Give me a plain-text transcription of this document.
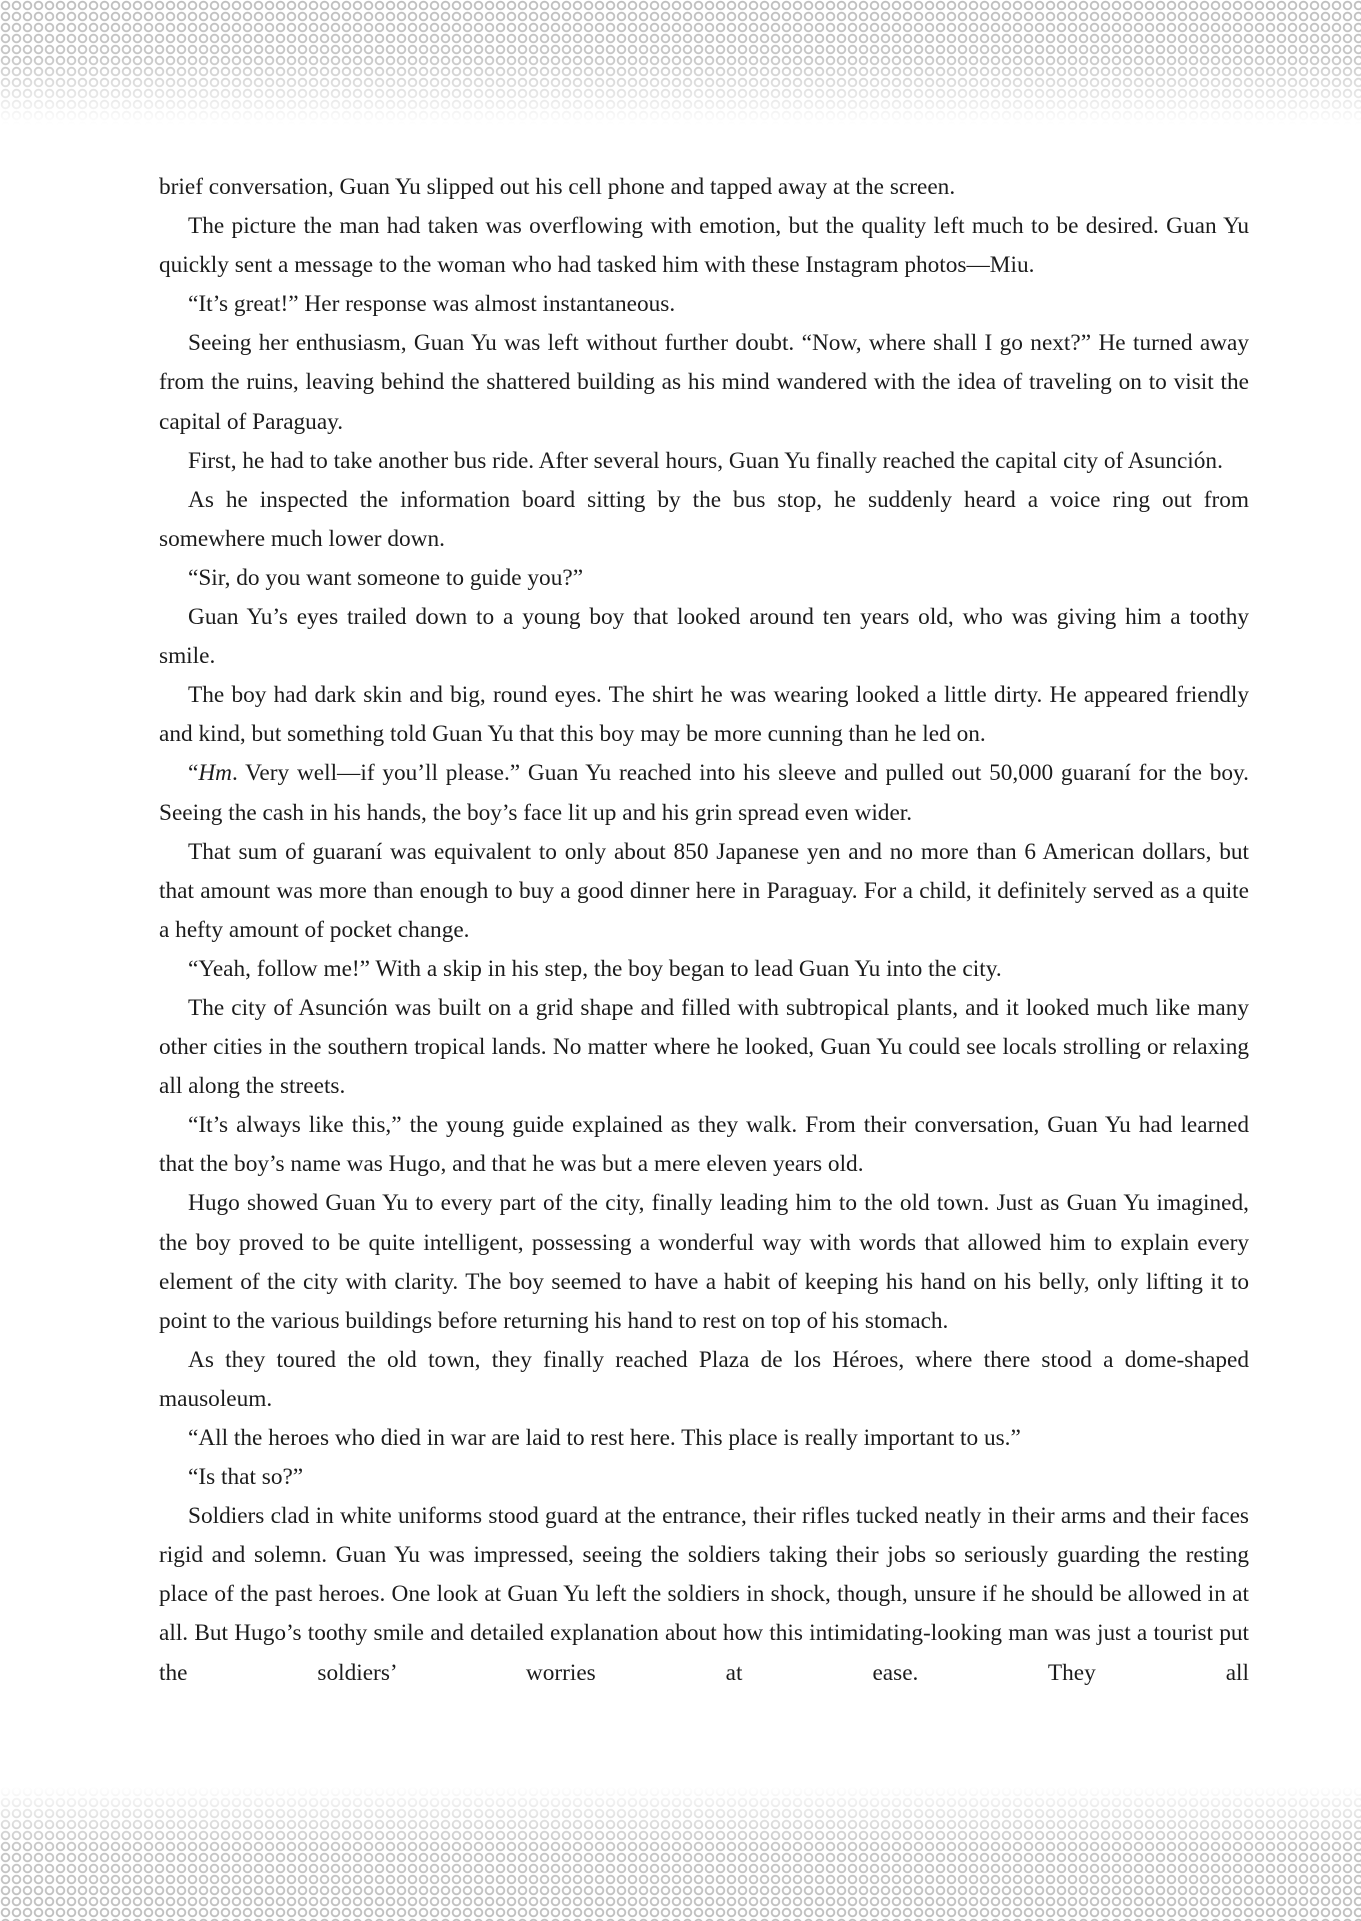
brief conversation, Guan Yu slipped out his cell phone and tapped away at the screen.

The picture the man had taken was overflowing with emotion, but the quality left much to be desired. Guan Yu quickly sent a message to the woman who had tasked him with these Instagram photos—Miu.

“It’s great!” Her response was almost instantaneous.

Seeing her enthusiasm, Guan Yu was left without further doubt. “Now, where shall I go next?” He turned away from the ruins, leaving behind the shattered building as his mind wandered with the idea of traveling on to visit the capital of Paraguay.

First, he had to take another bus ride. After several hours, Guan Yu finally reached the capital city of Asunción.

As he inspected the information board sitting by the bus stop, he suddenly heard a voice ring out from somewhere much lower down.

“Sir, do you want someone to guide you?”

Guan Yu’s eyes trailed down to a young boy that looked around ten years old, who was giving him a toothy smile.

The boy had dark skin and big, round eyes. The shirt he was wearing looked a little dirty. He appeared friendly and kind, but something told Guan Yu that this boy may be more cunning than he led on.

“Hm. Very well—if you’ll please.” Guan Yu reached into his sleeve and pulled out 50,000 guaraní for the boy. Seeing the cash in his hands, the boy’s face lit up and his grin spread even wider.

That sum of guaraní was equivalent to only about 850 Japanese yen and no more than 6 American dollars, but that amount was more than enough to buy a good dinner here in Paraguay. For a child, it definitely served as a quite a hefty amount of pocket change.

“Yeah, follow me!” With a skip in his step, the boy began to lead Guan Yu into the city.

The city of Asunción was built on a grid shape and filled with subtropical plants, and it looked much like many other cities in the southern tropical lands. No matter where he looked, Guan Yu could see locals strolling or relaxing all along the streets.

“It’s always like this,” the young guide explained as they walk. From their conversation, Guan Yu had learned that the boy’s name was Hugo, and that he was but a mere eleven years old.

Hugo showed Guan Yu to every part of the city, finally leading him to the old town. Just as Guan Yu imagined, the boy proved to be quite intelligent, possessing a wonderful way with words that allowed him to explain every element of the city with clarity. The boy seemed to have a habit of keeping his hand on his belly, only lifting it to point to the various buildings before returning his hand to rest on top of his stomach.

As they toured the old town, they finally reached Plaza de los Héroes, where there stood a dome-shaped mausoleum.

“All the heroes who died in war are laid to rest here. This place is really important to us.”

“Is that so?”

Soldiers clad in white uniforms stood guard at the entrance, their rifles tucked neatly in their arms and their faces rigid and solemn. Guan Yu was impressed, seeing the soldiers taking their jobs so seriously guarding the resting place of the past heroes. One look at Guan Yu left the soldiers in shock, though, unsure if he should be allowed in at all. But Hugo’s toothy smile and detailed explanation about how this intimidating-looking man was just a tourist put the soldiers’ worries at ease. They all
